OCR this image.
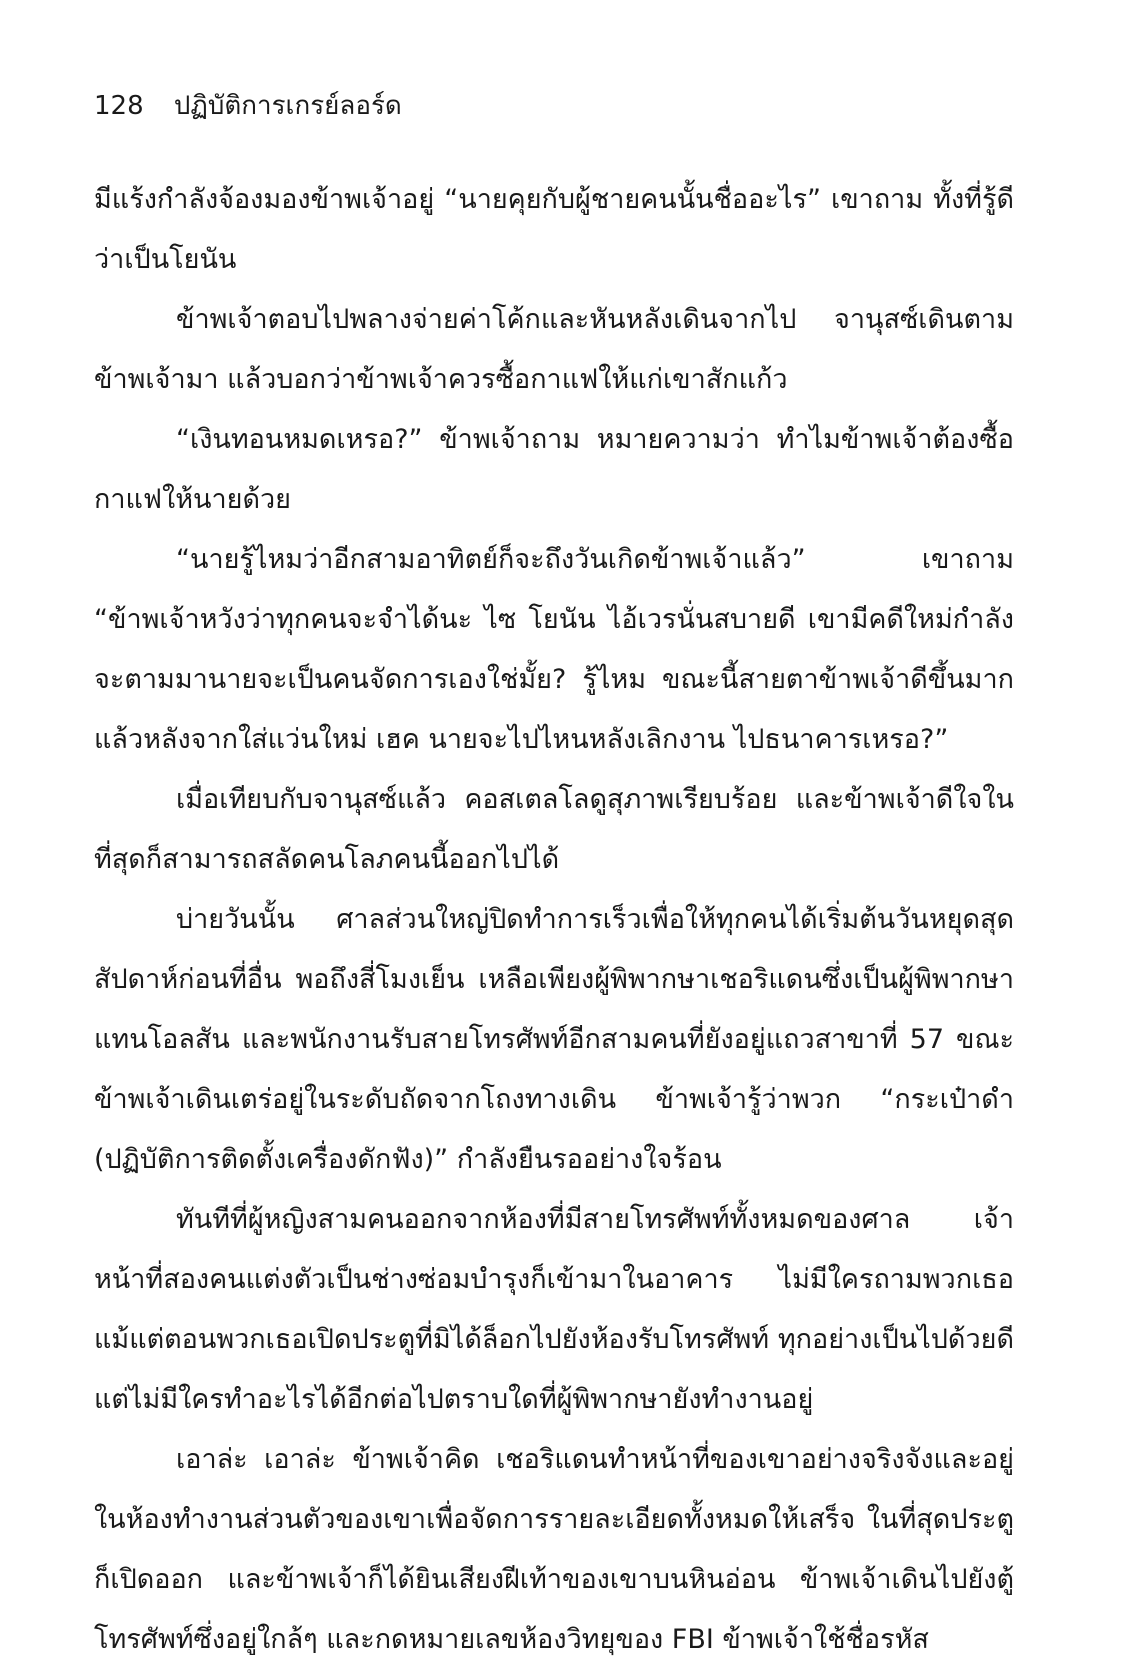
128 ปฏิบัติการเกรย์ลอร์ด

มีแร้งกำลังจ้องมองข้าพเจ้าอยู่ “นายคุยกับผู้ชายคนนั้นชื่ออะไร” เขาถาม ทั้งที่รู้ดีว่าเป็นโยนัน

ข้าพเจ้าตอบไปพลางจ่ายค่าโค้กและหันหลังเดินจากไป จานุสซ์เดินตามข้าพเจ้ามา แล้วบอกว่าข้าพเจ้าควรซื้อกาแฟให้แก่เขาสักแก้ว

“เงินทอนหมดเหรอ?” ข้าพเจ้าถาม หมายความว่า ทำไมข้าพเจ้าต้องซื้อกาแฟให้นายด้วย

“นายรู้ไหมว่าอีกสามอาทิตย์ก็จะถึงวันเกิดข้าพเจ้าแล้ว” เขาถาม “ข้าพเจ้าหวังว่าทุกคนจะจำได้นะ ไซ โยนัน ไอ้เวรนั่นสบายดี เขามีคดีใหม่กำลังจะตามมานายจะเป็นคนจัดการเองใช่มั้ย? รู้ไหม ขณะนี้สายตาข้าพเจ้าดีขึ้นมากแล้วหลังจากใส่แว่นใหม่ เฮค นายจะไปไหนหลังเลิกงาน ไปธนาคารเหรอ?”

เมื่อเทียบกับจานุสซ์แล้ว คอสเตลโลดูสุภาพเรียบร้อย และข้าพเจ้าดีใจในที่สุดก็สามารถสลัดคนโลภคนนี้ออกไปได้

บ่ายวันนั้น ศาลส่วนใหญ่ปิดทำการเร็วเพื่อให้ทุกคนได้เริ่มต้นวันหยุดสุดสัปดาห์ก่อนที่อื่น พอถึงสี่โมงเย็น เหลือเพียงผู้พิพากษาเชอริแดนซึ่งเป็นผู้พิพากษาแทนโอลสัน และพนักงานรับสายโทรศัพท์อีกสามคนที่ยังอยู่แถวสาขาที่ 57 ขณะข้าพเจ้าเดินเตร่อยู่ในระดับถัดจากโถงทางเดิน ข้าพเจ้ารู้ว่าพวก “กระเป๋าดำ (ปฏิบัติการติดตั้งเครื่องดักฟัง)” กำลังยืนรออย่างใจร้อน

ทันทีที่ผู้หญิงสามคนออกจากห้องที่มีสายโทรศัพท์ทั้งหมดของศาล เจ้าหน้าที่สองคนแต่งตัวเป็นช่างซ่อมบำรุงก็เข้ามาในอาคาร ไม่มีใครถามพวกเธอแม้แต่ตอนพวกเธอเปิดประตูที่มิได้ล็อกไปยังห้องรับโทรศัพท์ ทุกอย่างเป็นไปด้วยดีแต่ไม่มีใครทำอะไรได้อีกต่อไปตราบใดที่ผู้พิพากษายังทำงานอยู่

เอาล่ะ เอาล่ะ ข้าพเจ้าคิด เชอริแดนทำหน้าที่ของเขาอย่างจริงจังและอยู่ในห้องทำงานส่วนตัวของเขาเพื่อจัดการรายละเอียดทั้งหมดให้เสร็จ ในที่สุดประตูก็เปิดออก และข้าพเจ้าก็ได้ยินเสียงฝีเท้าของเขาบนหินอ่อน ข้าพเจ้าเดินไปยังตู้โทรศัพท์ซึ่งอยู่ใกล้ๆ และกดหมายเลขห้องวิทยุของ FBI ข้าพเจ้าใช้ชื่อรหัส
